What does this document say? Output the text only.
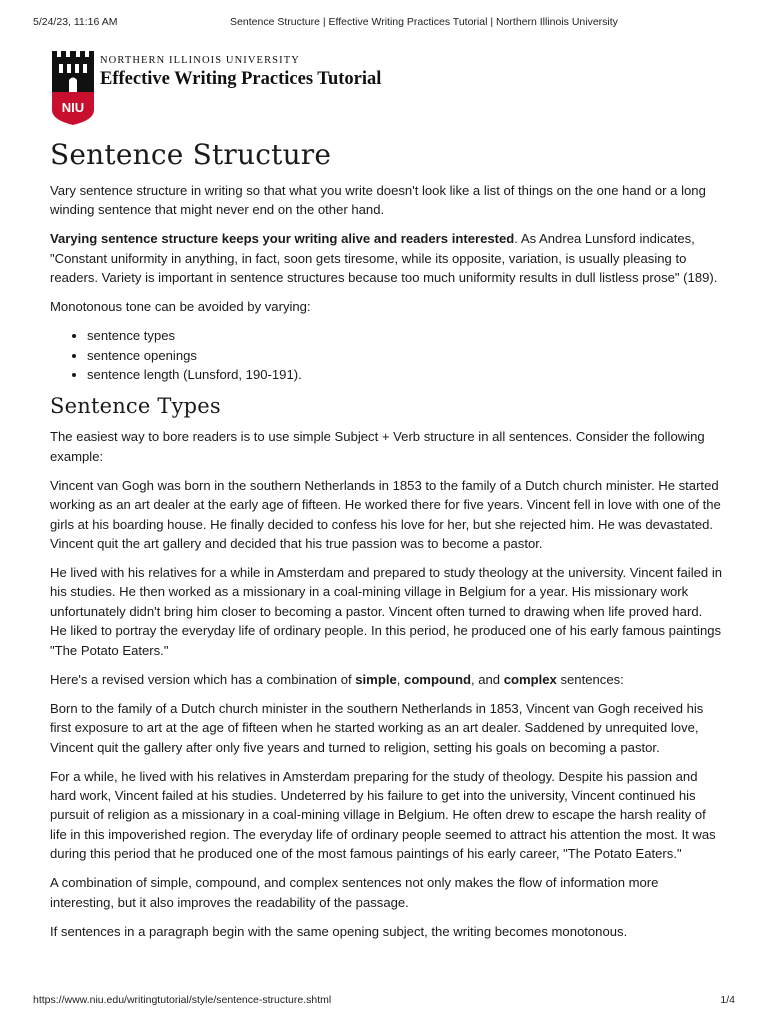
5/24/23, 11:16 AM	Sentence Structure | Effective Writing Practices Tutorial | Northern Illinois University
NIU
NORTHERN ILLINOIS UNIVERSITY
Effective Writing Practices Tutorial
Sentence Structure

Vary sentence structure in writing so that what you write doesn't look like a list of things on the one hand or a long winding sentence that might never end on the other hand.

Varying sentence structure keeps your writing alive and readers interested. As Andrea Lunsford indicates, "Constant uniformity in anything, in fact, soon gets tiresome, while its opposite, variation, is usually pleasing to readers. Variety is important in sentence structures because too much uniformity results in dull listless prose" (189).

Monotonous tone can be avoided by varying:

• sentence types
• sentence openings
• sentence length (Lunsford, 190-191).
Sentence Types

The easiest way to bore readers is to use simple Subject + Verb structure in all sentences. Consider the following example:

Vincent van Gogh was born in the southern Netherlands in 1853 to the family of a Dutch church minister. He started working as an art dealer at the early age of fifteen. He worked there for five years. Vincent fell in love with one of the girls at his boarding house. He finally decided to confess his love for her, but she rejected him. He was devastated. Vincent quit the art gallery and decided that his true passion was to become a pastor.

He lived with his relatives for a while in Amsterdam and prepared to study theology at the university. Vincent failed in his studies. He then worked as a missionary in a coal-mining village in Belgium for a year. His missionary work unfortunately didn't bring him closer to becoming a pastor. Vincent often turned to drawing when life proved hard. He liked to portray the everyday life of ordinary people. In this period, he produced one of his early famous paintings "The Potato Eaters."

Here's a revised version which has a combination of simple, compound, and complex sentences:

Born to the family of a Dutch church minister in the southern Netherlands in 1853, Vincent van Gogh received his first exposure to art at the age of fifteen when he started working as an art dealer. Saddened by unrequited love, Vincent quit the gallery after only five years and turned to religion, setting his goals on becoming a pastor.

For a while, he lived with his relatives in Amsterdam preparing for the study of theology. Despite his passion and hard work, Vincent failed at his studies. Undeterred by his failure to get into the university, Vincent continued his pursuit of religion as a missionary in a coal-mining village in Belgium. He often drew to escape the harsh reality of life in this impoverished region. The everyday life of ordinary people seemed to attract his attention the most. It was during this period that he produced one of the most famous paintings of his early career, "The Potato Eaters."

A combination of simple, compound, and complex sentences not only makes the flow of information more interesting, but it also improves the readability of the passage.

If sentences in a paragraph begin with the same opening subject, the writing becomes monotonous.

https://www.niu.edu/writingtutorial/style/sentence-structure.shtml	1/4
